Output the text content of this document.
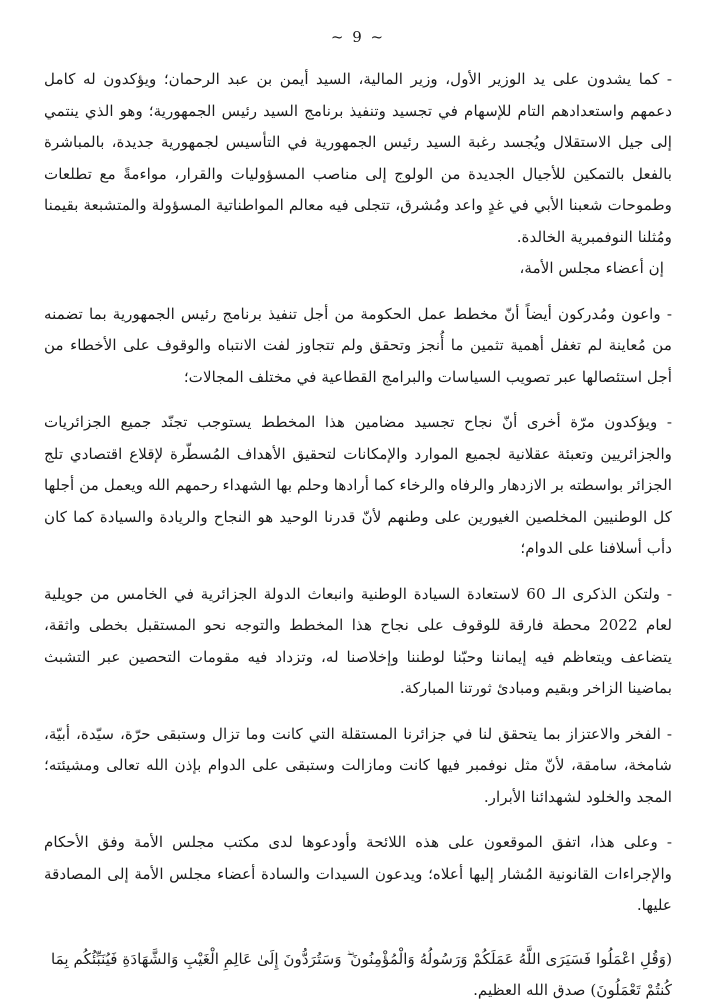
~ 9 ~

- كما يشدون على يد الوزير الأول، وزير المالية، السيد أيمن بن عبد الرحمان؛ ويؤكدون له كامل دعمهم واستعدادهم التام للإسهام في تجسيد وتنفيذ برنامج السيد رئيس الجمهورية؛ وهو الذي ينتمي إلى جيل الاستقلال ويُجسد رغبة السيد رئيس الجمهورية في التأسيس لجمهورية جديدة، بالمباشرة بالفعل بالتمكين للأجيال الجديدة من الولوج إلى مناصب المسؤوليات والقرار، مواءمةً مع تطلعات وطموحات شعبنا الأبي في غدٍ واعد ومُشرق، تتجلى فيه معالم المواطناتية المسؤولة والمتشبعة بقيمنا ومُثلنا النوفمبرية الخالدة.

إن أعضاء مجلس الأمة،

- واعون ومُدركون أيضاً أنّ مخطط عمل الحكومة من أجل تنفيذ برنامج رئيس الجمهورية بما تضمنه من مُعاينة لم تغفل أهمية تثمين ما أُنجز وتحقق ولم تتجاوز لفت الانتباه والوقوف على الأخطاء من أجل استئصالها عبر تصويب السياسات والبرامج القطاعية في مختلف المجالات؛

- ويؤكدون مرّة أخرى أنّ نجاح تجسيد مضامين هذا المخطط يستوجب تجنّد جميع الجزائريات والجزائريين وتعبئة عقلانية لجميع الموارد والإمكانات لتحقيق الأهداف المُسطّرة لإقلاع اقتصادي تلج الجزائر بواسطته بر الازدهار والرفاه والرخاء كما أرادها وحلم بها الشهداء رحمهم الله ويعمل من أجلها كل الوطنيين المخلصين الغيورين على وطنهم لأنّ قدرنا الوحيد هو النجاح والريادة والسيادة كما كان دأب أسلافنا على الدوام؛

- ولتكن الذكرى الـ 60 لاستعادة السيادة الوطنية وانبعاث الدولة الجزائرية في الخامس من جويلية لعام 2022 محطة فارقة للوقوف على نجاح هذا المخطط والتوجه نحو المستقبل بخطى واثقة، يتضاعف ويتعاظم فيه إيماننا وحبّنا لوطننا وإخلاصنا له، وتزداد فيه مقومات التحصين عبر التشبث بماضينا الزاخر وبقيم ومبادئ ثورتنا المباركة.

- الفخر والاعتزاز بما يتحقق لنا في جزائرنا المستقلة التي كانت وما تزال وستبقى حرّة، سيّدة، أبيّة، شامخة، سامقة، لأنّ مثل نوفمبر فيها كانت ومازالت وستبقى على الدوام بإذن الله تعالى ومشيئته؛ المجد والخلود لشهدائنا الأبرار.

- وعلى هذا، اتفق الموقعون على هذه اللائحة وأودعوها لدى مكتب مجلس الأمة وفق الأحكام والإجراءات القانونية المُشار إليها أعلاه؛ ويدعون السيدات والسادة أعضاء مجلس الأمة إلى المصادقة عليها.

(وَقُلِ اعْمَلُوا فَسَيَرَى اللَّهُ عَمَلَكُمْ وَرَسُولُهُ وَالْمُؤْمِنُونَ ۖ وَسَتُرَدُّونَ إِلَىٰ عَالِمِ الْغَيْبِ وَالشَّهَادَةِ فَيُنَبِّئُكُم بِمَا كُنتُمْ تَعْمَلُونَ) صدق الله العظيم.
